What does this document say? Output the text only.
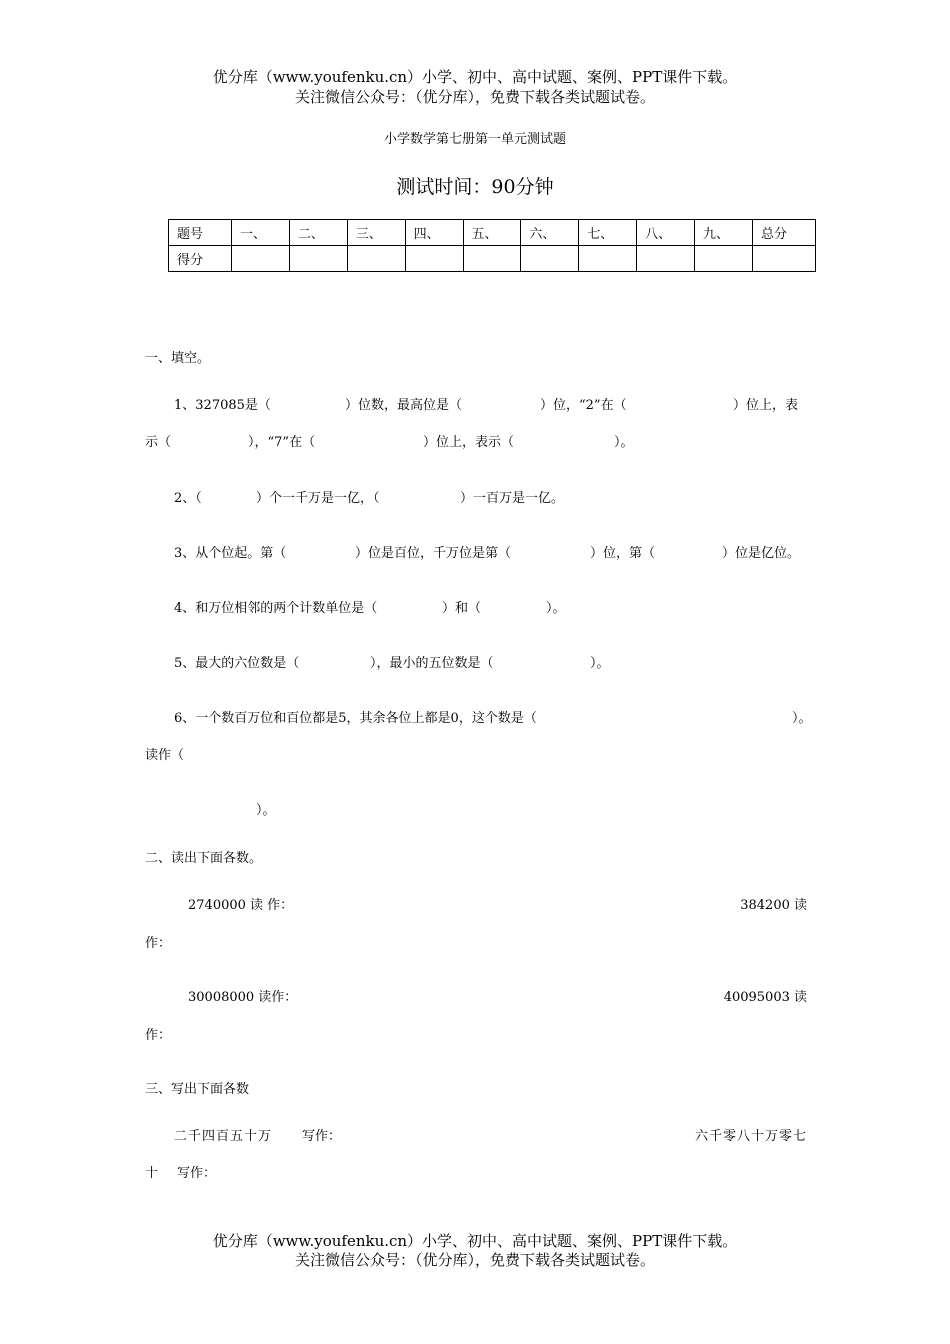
优分库（www.youfenku.cn）小学、初中、高中试题、案例、PPT课件下载。
关注微信公众号：（优分库），免费下载各类试题试卷。
小学数学第七册第一单元测试题
测试时间：90分钟
题号	一、	二、	三、	四、	五、	六、	七、	八、	九、	总分
得分										
一、填空。
1、327085是（	）位数，最高位是（	）位，“2”在（	）位上，表
示（	），“7”在（	）位上，表示（	）。
2、（	）个一千万是一亿，（	）一百万是一亿。
3、从个位起。第（	）位是百位，千万位是第（	）位，第（	）位是亿位。
4、和万位相邻的两个计数单位是（	）和（	）。
5、最大的六位数是（	），最小的五位数是（	）。
6、一个数百万位和百位都是5，其余各位上都是0，这个数是（	）。
读作（
）。
二、读出下面各数。
2740000 读 作：	384200 读
作：
30008000 读作：	40095003 读
作：
三、写出下面各数
二千四百五十万 写作：	六千零八十万零七
十 写作：
优分库（www.youfenku.cn）小学、初中、高中试题、案例、PPT课件下载。
关注微信公众号：（优分库），免费下载各类试题试卷。
